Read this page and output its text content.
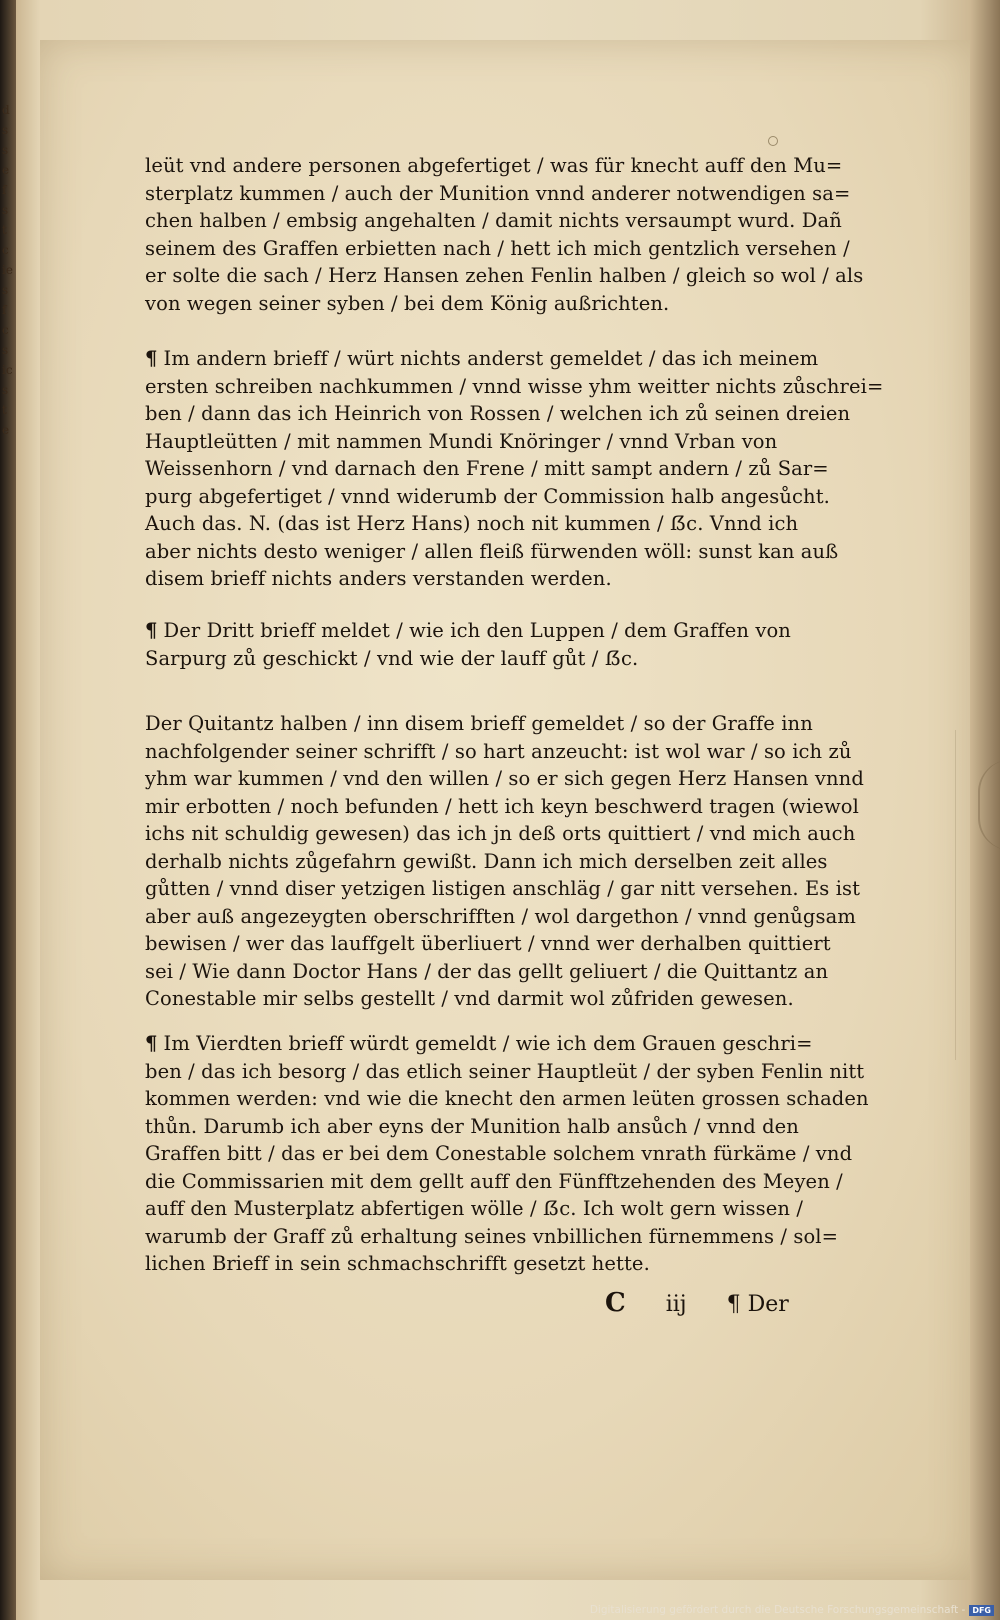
d
s
s
e
f
s
t
c
ie
s
f
c
s
ic
s
t
e
leüt vnd andere personen abgefertiget / was für knecht auff den Mu=
sterplatz kummen / auch der Munition vnnd anderer notwendigen sa=
chen halben / embsig angehalten / damit nichts versaumpt wurd. Dañ
seinem des Graffen erbietten nach / hett ich mich gentzlich versehen /
er solte die sach / Herz Hansen zehen Fenlin halben / gleich so wol / als
von wegen seiner syben / bei dem König außrichten.
¶ Im andern brieff / würt nichts anderst gemeldet / das ich meinem
ersten schreiben nachkummen / vnnd wisse yhm weitter nichts zůschrei=
ben / dann das ich Heinrich von Rossen / welchen ich zů seinen dreien
Hauptleütten / mit nammen Mundi Knöringer / vnnd Vrban von
Weissenhorn / vnd darnach den Frene / mitt sampt andern / zů Sar=
purg abgefertiget / vnnd widerumb der Commission halb angesůcht.
Auch das. N. (das ist Herz Hans) noch nit kummen / ẞc. Vnnd ich
aber nichts desto weniger / allen fleiß fürwenden wöll: sunst kan auß
disem brieff nichts anders verstanden werden.
¶ Der Dritt brieff meldet / wie ich den Luppen / dem Graffen von
Sarpurg zů geschickt / vnd wie der lauff gůt / ẞc.
Der Quitantz halben / inn disem brieff gemeldet / so der Graffe inn
nachfolgender seiner schrifft / so hart anzeucht: ist wol war / so ich zů
yhm war kummen / vnd den willen / so er sich gegen Herz Hansen vnnd
mir erbotten / noch befunden / hett ich keyn beschwerd tragen (wiewol
ichs nit schuldig gewesen) das ich jn deß orts quittiert / vnd mich auch
derhalb nichts zůgefahrn gewißt. Dann ich mich derselben zeit alles
gůtten / vnnd diser yetzigen listigen anschläg / gar nitt versehen. Es ist
aber auß angezeygten oberschrifften / wol dargethon / vnnd genůgsam
bewisen / wer das lauffgelt überliuert / vnnd wer derhalben quittiert
sei / Wie dann Doctor Hans / der das gellt geliuert / die Quittantz an
Conestable mir selbs gestellt / vnd darmit wol zůfriden gewesen.
¶ Im Vierdten brieff würdt gemeldt / wie ich dem Grauen geschri=
ben / das ich besorg / das etlich seiner Hauptleüt / der syben Fenlin nitt
kommen werden: vnd wie die knecht den armen leüten grossen schaden
thůn. Darumb ich aber eyns der Munition halb ansůch / vnnd den
Graffen bitt / das er bei dem Conestable solchem vnrath fürkäme / vnd
die Commissarien mit dem gellt auff den Fünfftzehenden des Meyen /
auff den Musterplatz abfertigen wölle / ẞc. Ich wolt gern wissen /
warumb der Graff zů erhaltung seines vnbillichen fürnemmens / sol=
lichen Brieff in sein schmachschrifft gesetzt hette.
C iij ¶ Der
Digitalisierung gefördert durch die Deutsche Forschungsgemeinschaft - DFG
